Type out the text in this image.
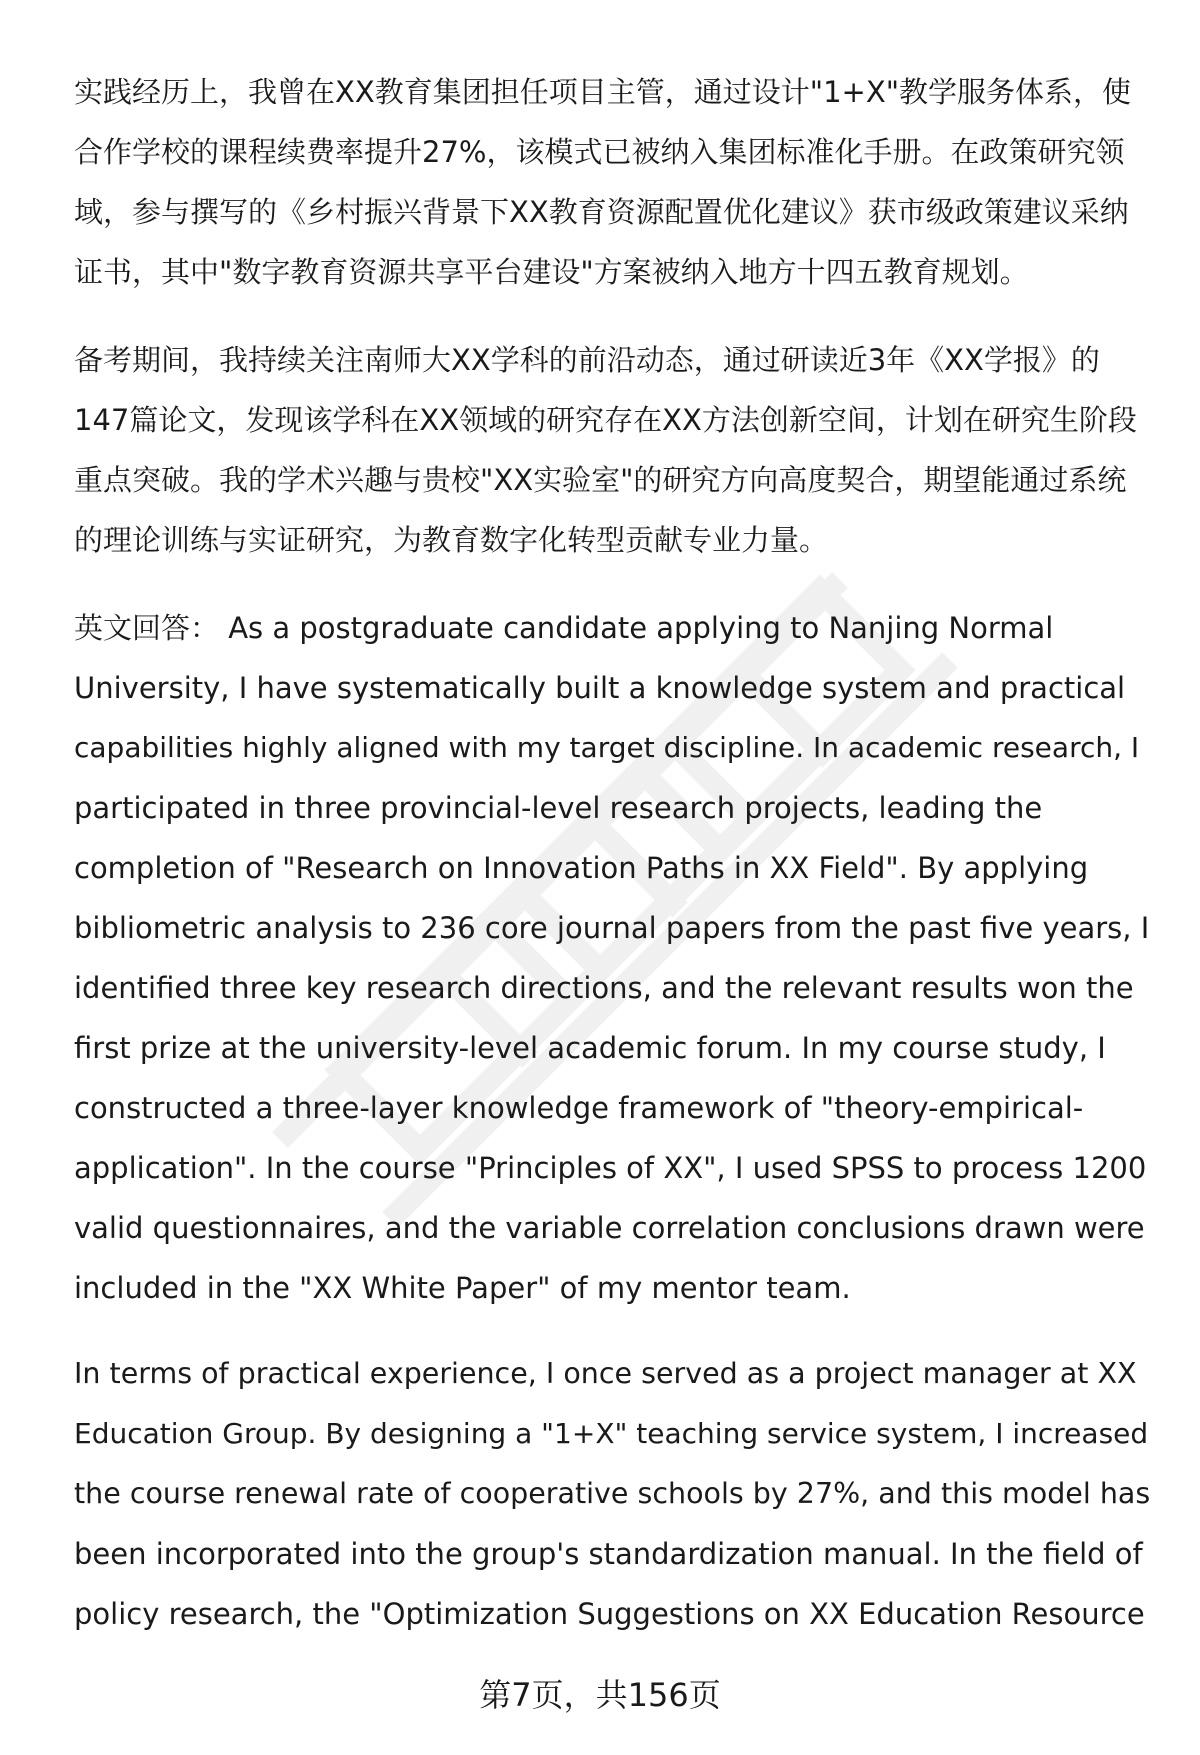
实践经历上，我曾在XX教育集团担任项目主管，通过设计"1+X"教学服务体系，使
合作学校的课程续费率提升27%，该模式已被纳入集团标准化手册。在政策研究领
域，参与撰写的《乡村振兴背景下XX教育资源配置优化建议》获市级政策建议采纳
证书，其中"数字教育资源共享平台建设"方案被纳入地方十四五教育规划。

备考期间，我持续关注南师大XX学科的前沿动态，通过研读近3年《XX学报》的
147篇论文，发现该学科在XX领域的研究存在XX方法创新空间，计划在研究生阶段
重点突破。我的学术兴趣与贵校"XX实验室"的研究方向高度契合，期望能通过系统
的理论训练与实证研究，为教育数字化转型贡献专业力量。

英文回答： As a postgraduate candidate applying to Nanjing Normal
University, I have systematically built a knowledge system and practical
capabilities highly aligned with my target discipline. In academic research, I
participated in three provincial-level research projects, leading the
completion of "Research on Innovation Paths in XX Field". By applying
bibliometric analysis to 236 core journal papers from the past five years, I
identified three key research directions, and the relevant results won the
first prize at the university-level academic forum. In my course study, I
constructed a three-layer knowledge framework of "theory-empirical-
application". In the course "Principles of XX", I used SPSS to process 1200
valid questionnaires, and the variable correlation conclusions drawn were
included in the "XX White Paper" of my mentor team.

In terms of practical experience, I once served as a project manager at XX
Education Group. By designing a "1+X" teaching service system, I increased
the course renewal rate of cooperative schools by 27%, and this model has
been incorporated into the group's standardization manual. In the field of
policy research, the "Optimization Suggestions on XX Education Resource

第7页，共156页
